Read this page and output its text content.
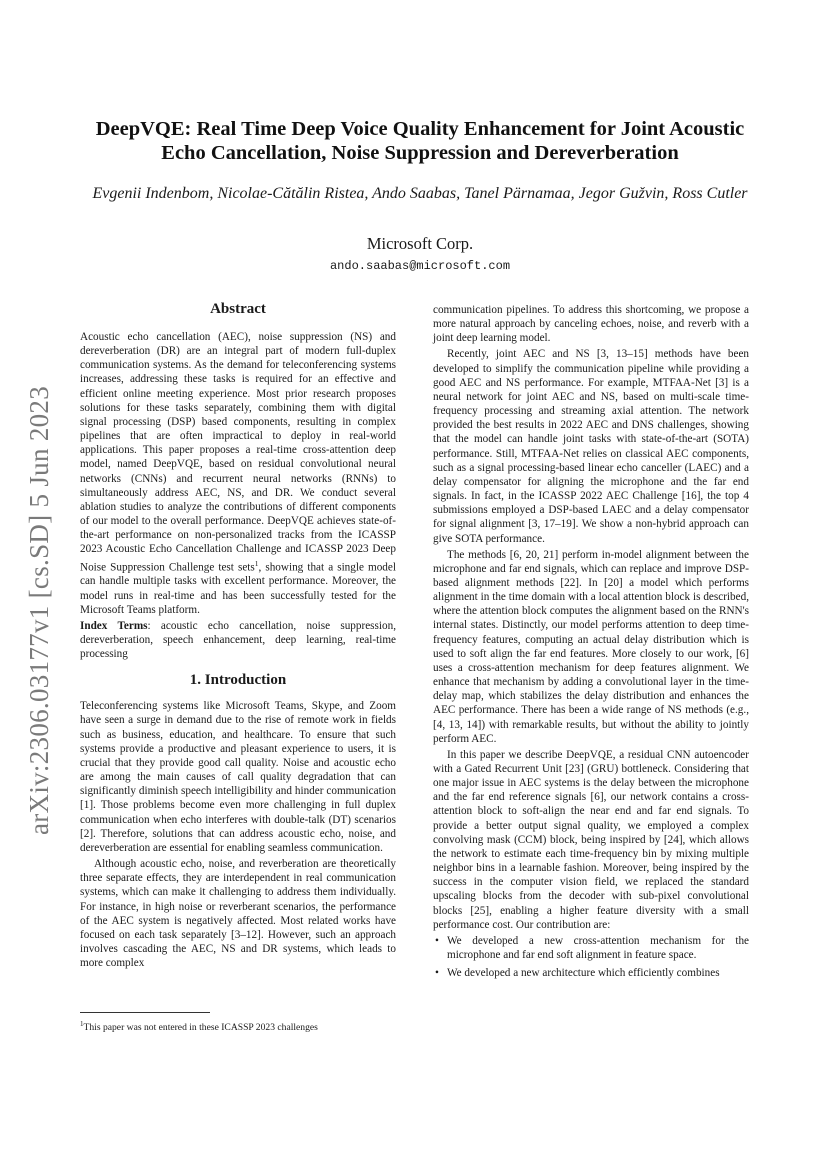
arXiv:2306.03177v1 [cs.SD] 5 Jun 2023
DeepVQE: Real Time Deep Voice Quality Enhancement for Joint Acoustic Echo Cancellation, Noise Suppression and Dereverberation
Evgenii Indenbom, Nicolae-Cătălin Ristea, Ando Saabas, Tanel Pärnamaa, Jegor Gužvin, Ross Cutler
Microsoft Corp.
ando.saabas@microsoft.com
Abstract

Acoustic echo cancellation (AEC), noise suppression (NS) and dereverberation (DR) are an integral part of modern full-duplex communication systems. As the demand for teleconferencing systems increases, addressing these tasks is required for an effective and efficient online meeting experience. Most prior research proposes solutions for these tasks separately, combining them with digital signal processing (DSP) based components, resulting in complex pipelines that are often impractical to deploy in real-world applications. This paper proposes a real-time cross-attention deep model, named DeepVQE, based on residual convolutional neural networks (CNNs) and recurrent neural networks (RNNs) to simultaneously address AEC, NS, and DR. We conduct several ablation studies to analyze the contributions of different components of our model to the overall performance. DeepVQE achieves state-of-the-art performance on non-personalized tracks from the ICASSP 2023 Acoustic Echo Cancellation Challenge and ICASSP 2023 Deep Noise Suppression Challenge test sets$^1$, showing that a single model can handle multiple tasks with excellent performance. Moreover, the model runs in real-time and has been successfully tested for the Microsoft Teams platform.

Index Terms: acoustic echo cancellation, noise suppression, dereverberation, speech enhancement, deep learning, real-time processing

1. Introduction

Teleconferencing systems like Microsoft Teams, Skype, and Zoom have seen a surge in demand due to the rise of remote work in fields such as business, education, and healthcare. To ensure that such systems provide a productive and pleasant experience to users, it is crucial that they provide good call quality. Noise and acoustic echo are among the main causes of call quality degradation that can significantly diminish speech intelligibility and hinder communication [1]. Those problems become even more challenging in full duplex communication when echo interferes with double-talk (DT) scenarios [2]. Therefore, solutions that can address acoustic echo, noise, and dereverberation are essential for enabling seamless communication.

Although acoustic echo, noise, and reverberation are theoretically three separate effects, they are interdependent in real communication systems, which can make it challenging to address them individually. For instance, in high noise or reverberant scenarios, the performance of the AEC system is negatively affected. Most related works have focused on each task separately [3–12]. However, such an approach involves cascading the AEC, NS and DR systems, which leads to more complex

communication pipelines. To address this shortcoming, we propose a more natural approach by canceling echoes, noise, and reverb with a joint deep learning model.

Recently, joint AEC and NS [3, 13–15] methods have been developed to simplify the communication pipeline while providing a good AEC and NS performance. For example, MTFAA-Net [3] is a neural network for joint AEC and NS, based on multi-scale time-frequency processing and streaming axial attention. The network provided the best results in 2022 AEC and DNS challenges, showing that the model can handle joint tasks with state-of-the-art (SOTA) performance. Still, MTFAA-Net relies on classical AEC components, such as a signal processing-based linear echo canceller (LAEC) and a delay compensator for aligning the microphone and the far end signals. In fact, in the ICASSP 2022 AEC Challenge [16], the top 4 submissions employed a DSP-based LAEC and a delay compensator for signal alignment [3, 17–19]. We show a non-hybrid approach can give SOTA performance.

The methods [6, 20, 21] perform in-model alignment between the microphone and far end signals, which can replace and improve DSP-based alignment methods [22]. In [20] a model which performs alignment in the time domain with a local attention block is described, where the attention block computes the alignment based on the RNN's internal states. Distinctly, our model performs attention to deep time-frequency features, computing an actual delay distribution which is used to soft align the far end features. More closely to our work, [6] uses a cross-attention mechanism for deep features alignment. We enhance that mechanism by adding a convolutional layer in the time-delay map, which stabilizes the delay distribution and enhances the AEC performance. There has been a wide range of NS methods (e.g., [4, 13, 14]) with remarkable results, but without the ability to jointly perform AEC.

In this paper we describe DeepVQE, a residual CNN autoencoder with a Gated Recurrent Unit [23] (GRU) bottleneck. Considering that one major issue in AEC systems is the delay between the microphone and the far end reference signals [6], our network contains a cross-attention block to soft-align the near end and far end signals. To provide a better output signal quality, we employed a complex convolving mask (CCM) block, being inspired by [24], which allows the network to estimate each time-frequency bin by mixing multiple neighbor bins in a learnable fashion. Moreover, being inspired by the success in the computer vision field, we replaced the standard upscaling blocks from the decoder with sub-pixel convolutional blocks [25], enabling a higher feature diversity with a small performance cost. Our contribution are:

• We developed a new cross-attention mechanism for the microphone and far end soft alignment in feature space.
• We developed a new architecture which efficiently combines
$^1$This paper was not entered in these ICASSP 2023 challenges
